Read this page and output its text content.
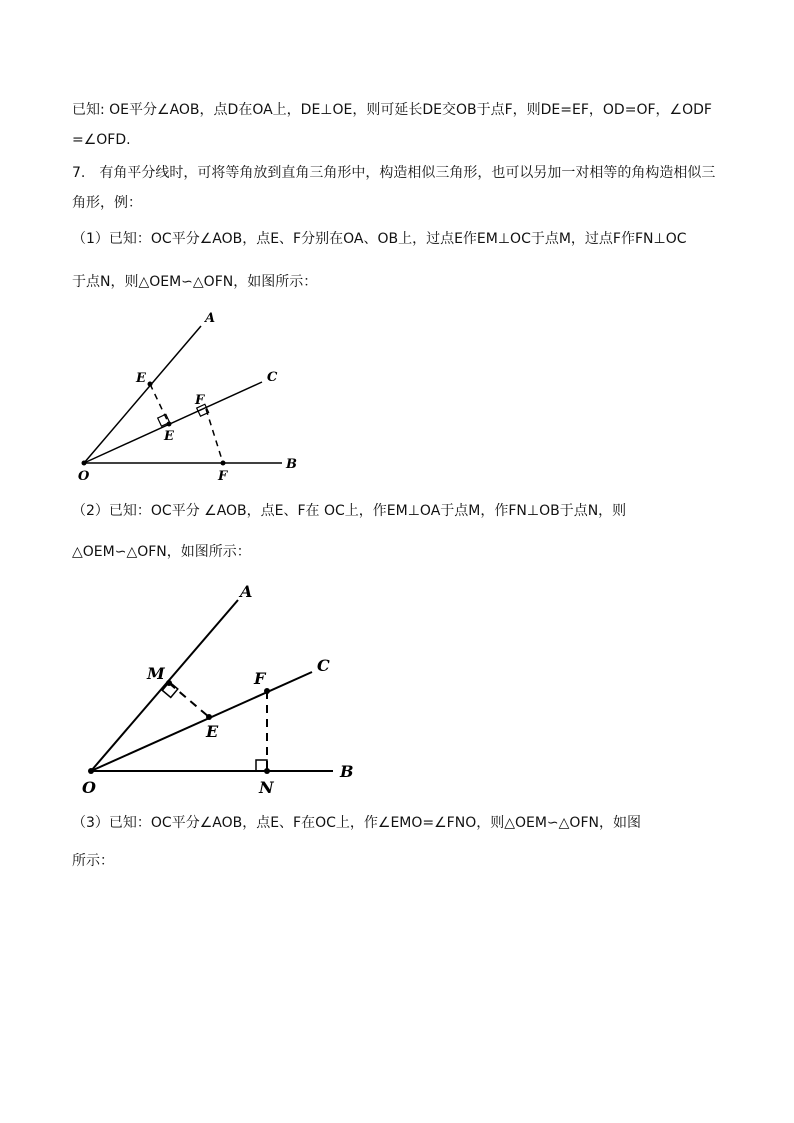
已知: OE平分∠AOB，点D在OA上，DE⊥OE，则可延长DE交OB于点F，则DE=EF，OD=OF，∠ODF
=∠OFD.
7.　有角平分线时，可将等角放到直角三角形中，构造相似三角形，也可以另加一对相等的角构造相似三
角形，例：
（1）已知：OC平分∠AOB，点E、F分别在OA、OB上，过点E作EM⊥OC于点M，过点F作FN⊥OC
于点N，则△OEM∽△OFN，如图所示：
O
A
B
C
E
F
E
F
（2）已知：OC平分 ∠AOB，点E、F在 OC上，作EM⊥OA于点M，作FN⊥OB于点N，则
△OEM∽△OFN，如图所示：
O
A
B
C
M	F
E
N
（3）已知：OC平分∠AOB，点E、F在OC上，作∠EMO=∠FNO，则△OEM∽△OFN，如图
所示：
